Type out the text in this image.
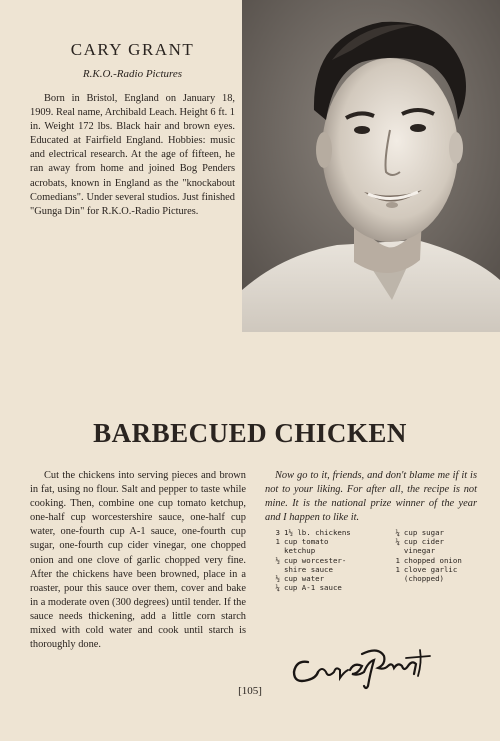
CARY GRANT

R.K.O.-Radio Pictures

Born in Bristol, England on January 18, 1909. Real name, Archibald Leach. Height 6 ft. 1 in. Weight 172 lbs. Black hair and brown eyes. Educated at Fairfield England. Hobbies: music and electrical research. At the age of fifteen, he ran away from home and joined Bog Penders acrobats, known in England as the "knockabout Comedians". Under several studios. Just finished "Gunga Din" for R.K.O.-Radio Pictures.

BARBECUED CHICKEN

Cut the chickens into serving pieces and brown in fat, using no flour. Salt and pepper to taste while cooking. Then, combine one cup tomato ketchup, one-half cup worcestershire sauce, one-half cup water, one-fourth cup A-1 sauce, one-fourth cup sugar, one-fourth cup cider vinegar, one chopped onion and one clove of garlic chopped very fine. After the chickens have been browned, place in a roaster, pour this sauce over them, cover and bake in a moderate oven (300 degrees) until tender. If the sauce needs thickening, add a little corn starch mixed with cold water and cook until starch is thoroughly done.

Now go to it, friends, and don't blame me if it is not to your liking. For after all, the recipe is not mine. It is the national prize winner of the year and I happen to like it.

3 1½ lb. chickens
1 cup tomato
ketchup
½ cup worcester-
shire sauce
½ cup water
¼ cup A-1 sauce
¼ cup sugar
¼ cup cider
vinegar
1 chopped onion
1 clove garlic
(chopped)
[105]
